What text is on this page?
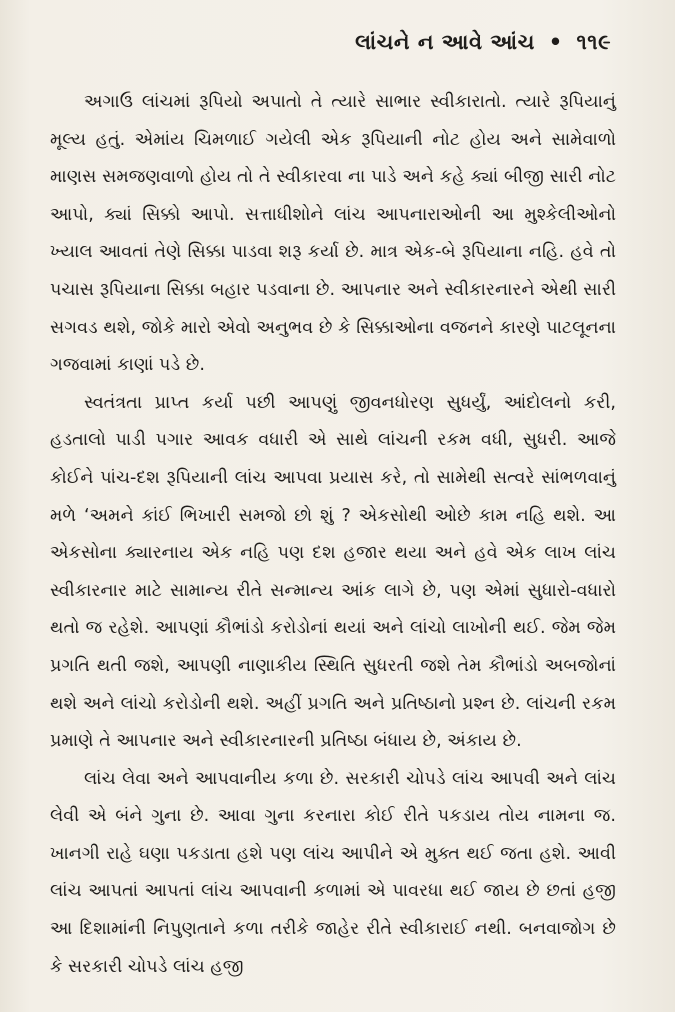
લાંચને ન આવે આંચ • ૧૧૯

અગાઉ લાંચમાં રૂપિયો અપાતો તે ત્યારે સાભાર સ્વીકારાતો. ત્યારે રૂપિયાનું મૂલ્ય હતું. એમાંય ચિમળાઈ ગયેલી એક રૂપિયાની નોટ હોય અને સામેવાળો માણસ સમજણવાળો હોય તો તે સ્વીકારવા ના પાડે અને કહે ક્યાં બીજી સારી નોટ આપો, ક્યાં સિક્કો આપો. સત્તાધીશોને લાંચ આપનારાઓની આ મુશ્કેલીઓનો ખ્યાલ આવતાં તેણે સિક્કા પાડવા શરૂ કર્યા છે. માત્ર એક-બે રૂપિયાના નહિ. હવે તો પચાસ રૂપિયાના સિક્કા બહાર પડવાના છે. આપનાર અને સ્વીકારનારને એથી સારી સગવડ થશે, જોકે મારો એવો અનુભવ છે કે સિક્કાઓના વજનને કારણે પાટલૂનના ગજવામાં કાણાં પડે છે.

સ્વતંત્રતા પ્રાપ્ત કર્યા પછી આપણું જીવનધોરણ સુધર્યું, આંદોલનો કરી, હડતાલો પાડી પગાર આવક વધારી એ સાથે લાંચની રકમ વધી, સુધરી. આજે કોઈને પાંચ-દશ રૂપિયાની લાંચ આપવા પ્રયાસ કરે, તો સામેથી સત્વરે સાંભળવાનું મળે ‘અમને કાંઈ ભિખારી સમજો છો શું ? એકસોથી ઓછે કામ નહિ થશે. આ એકસોના ક્યારનાય એક નહિ પણ દશ હજાર થયા અને હવે એક લાખ લાંચ સ્વીકારનાર માટે સામાન્ય રીતે સન્માન્ય આંક લાગે છે, પણ એમાં સુધારો-વધારો થતો જ રહેશે. આપણાં કૌભાંડો કરોડોનાં થયાં અને લાંચો લાખોની થઈ. જેમ જેમ પ્રગતિ થતી જશે, આપણી નાણાકીય સ્થિતિ સુધરતી જશે તેમ કૌભાંડો અબજોનાં થશે અને લાંચો કરોડોની થશે. અહીં પ્રગતિ અને પ્રતિષ્ઠાનો પ્રશ્ન છે. લાંચની રકમ પ્રમાણે તે આપનાર અને સ્વીકારનારની પ્રતિષ્ઠા બંધાય છે, અંકાય છે.

લાંચ લેવા અને આપવાનીય કળા છે. સરકારી ચોપડે લાંચ આપવી અને લાંચ લેવી એ બંને ગુના છે. આવા ગુના કરનારા કોઈ રીતે પકડાય તોય નામના જ. ખાનગી રાહે ઘણા પકડાતા હશે પણ લાંચ આપીને એ મુક્ત થઈ જતા હશે. આવી લાંચ આપતાં આપતાં લાંચ આપવાની કળામાં એ પાવરધા થઈ જાય છે છતાં હજી આ દિશામાંની નિપુણતાને કળા તરીકે જાહેર રીતે સ્વીકારાઈ નથી. બનવાજોગ છે કે સરકારી ચોપડે લાંચ હજી
